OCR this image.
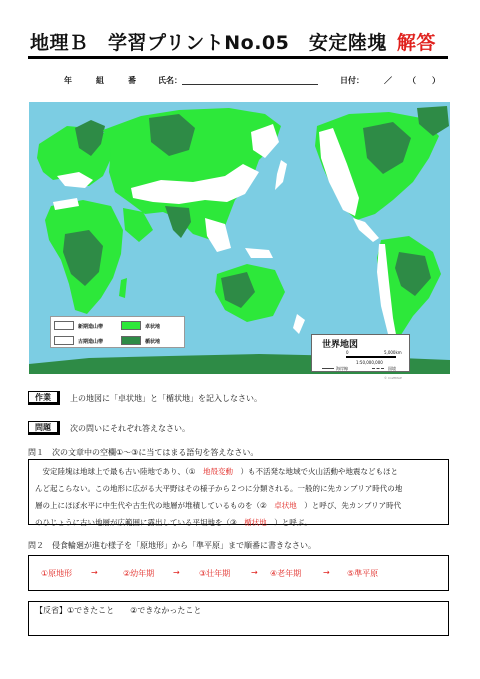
地理Ｂ　学習プリントNo.05　安定陸塊 解答
年	組	番	氏名：	日付：	／ （　　）
© CraftMAP
新期造山帯	卓状地
古期造山帯	楯状地	世界地図
0	5,000km
1:50,000,000
海岸線	国境
作業	上の地図に「卓状地」と「楯状地」を記入しなさい。
問題	次の問いにそれぞれ答えなさい。
問１　次の文章中の空欄①～③に当てはまる語句を答えなさい。
　安定陸塊は地球上で最も古い陸地であり、（①　地殻変動　）も不活発な地域で火山活動や地震などもほと
んど起こらない。この地形に広がる大平野はその様子から２つに分類される。一般的に先カンブリア時代の地
層の上にほぼ水平に中生代や古生代の地層が堆積しているものを（②　卓状地　）と呼び、先カンブリア時代
のひじょうに古い地層が広範囲に露出している平坦地を（③　楯状地　）と呼ぶ。
問２　侵食輪廻が進む様子を「原地形」から「準平原」まで順番に書きなさい。
①原地形 →	②幼年期 → ③壮年期	→ ④老年期	→ ⑤準平原
【反省】①できたこと　　②できなかったこと
